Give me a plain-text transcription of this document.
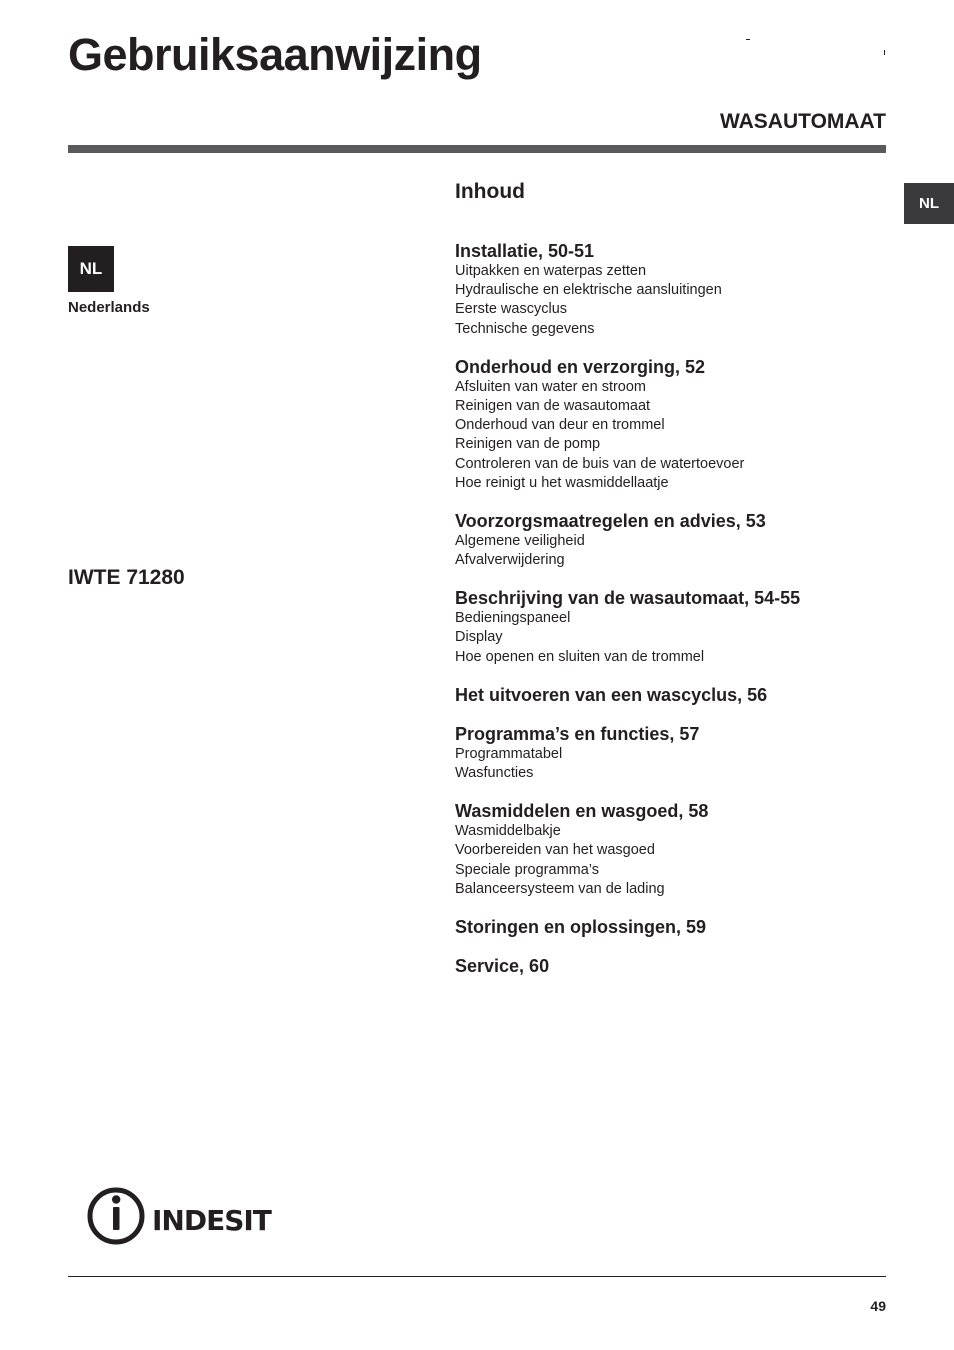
Gebruiksaanwijzing
WASAUTOMAAT
NL
NL
Nederlands
IWTE 71280
Inhoud
Installatie, 50-51
Uitpakken en waterpas zetten
Hydraulische en elektrische aansluitingen
Eerste wascyclus
Technische gegevens
Onderhoud en verzorging, 52
Afsluiten van water en stroom
Reinigen van de wasautomaat
Onderhoud van deur en trommel
Reinigen van de pomp
Controleren van de buis van de watertoevoer
Hoe reinigt u het wasmiddellaatje
Voorzorgsmaatregelen en advies, 53
Algemene veiligheid
Afvalverwijdering
Beschrijving van de wasautomaat, 54-55
Bedieningspaneel
Display
Hoe openen en sluiten van de trommel
Het uitvoeren van een wascyclus, 56
Programma’s en functies, 57
Programmatabel
Wasfuncties
Wasmiddelen en wasgoed, 58
Wasmiddelbakje
Voorbereiden van het wasgoed
Speciale programma’s
Balanceersysteem van de lading
Storingen en oplossingen, 59
Service, 60
indesit
49
